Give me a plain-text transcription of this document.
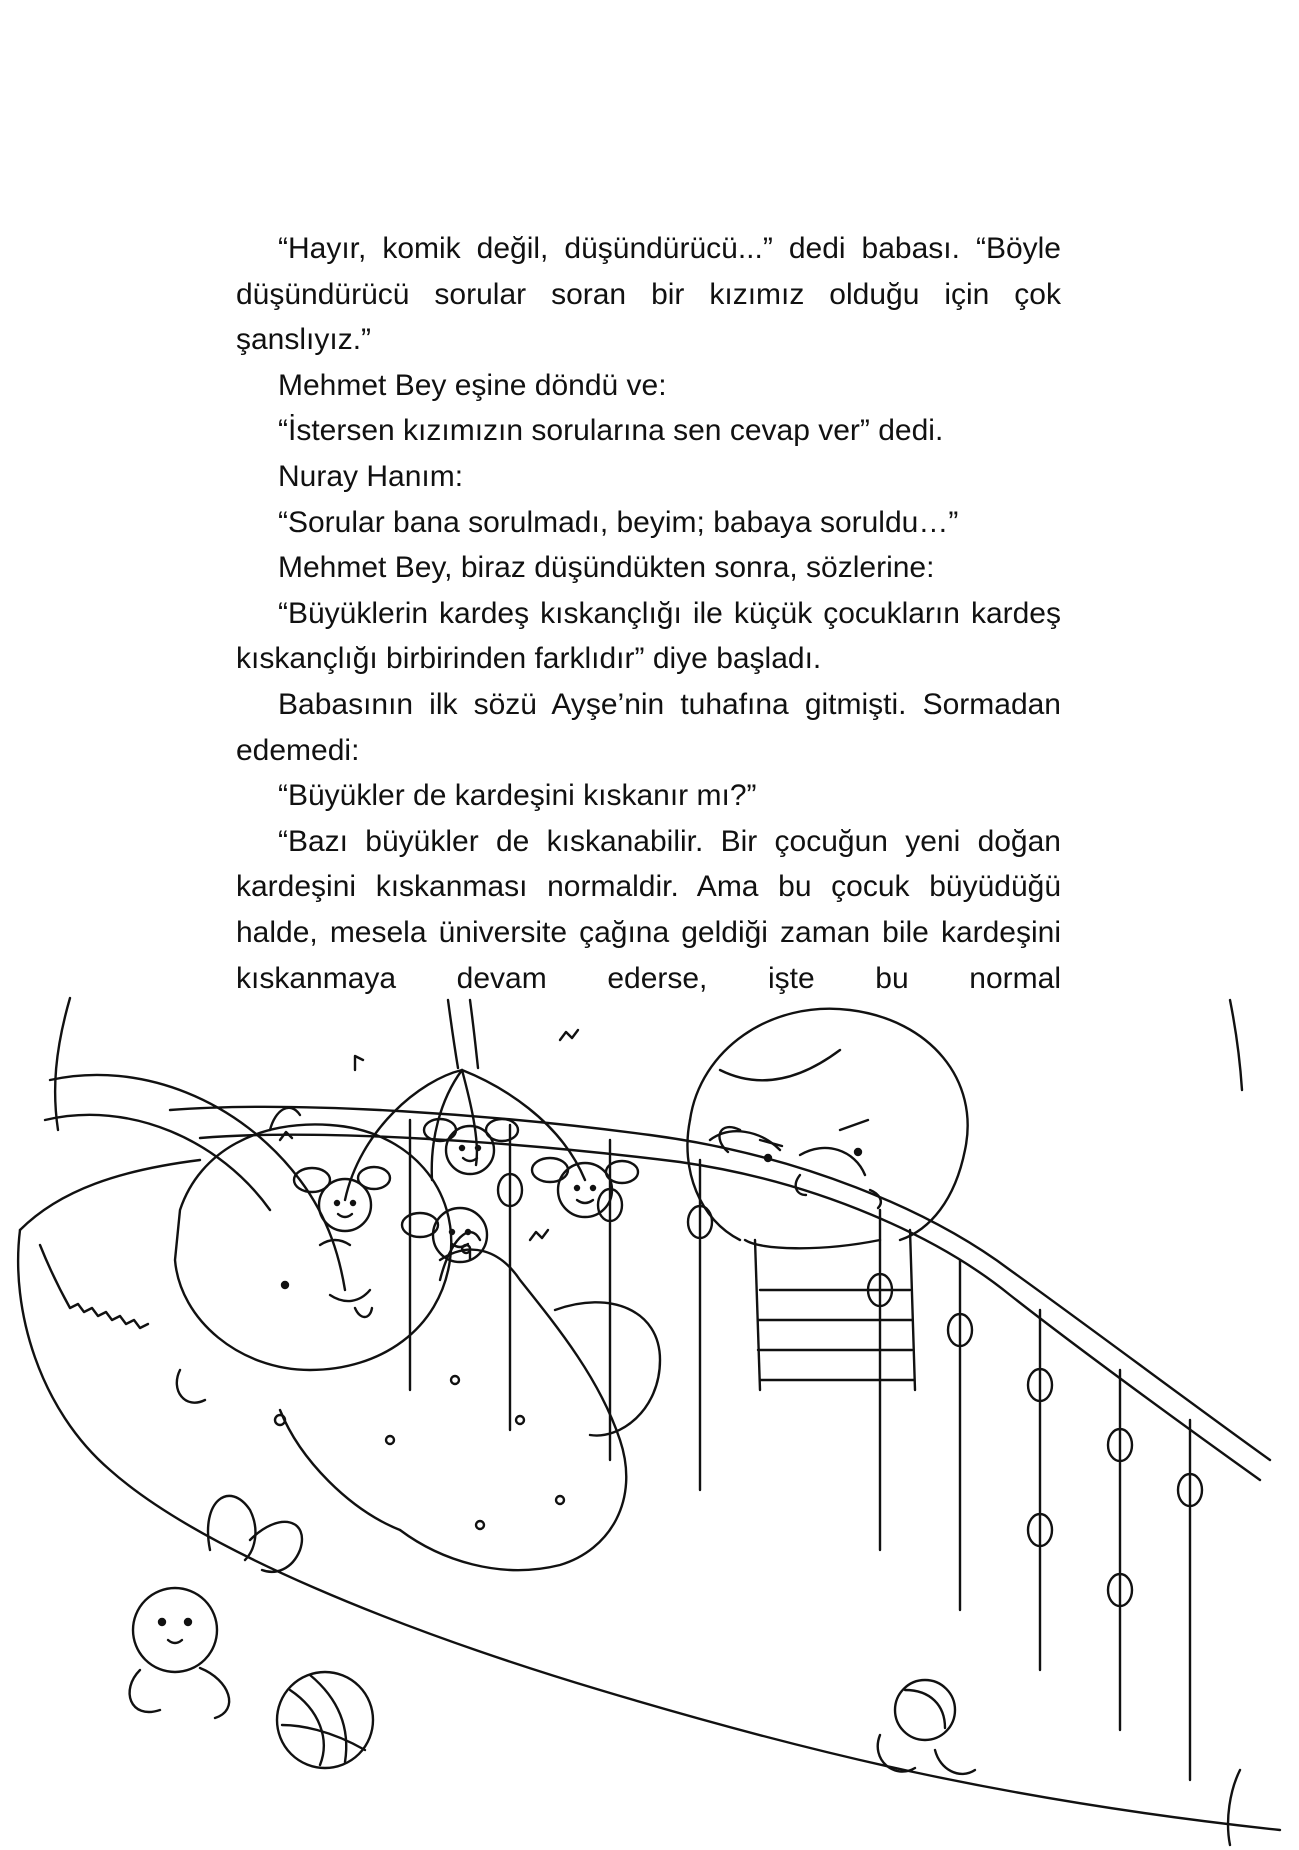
“Hayır, komik değil, düşündürücü...” dedi babası. “Böyle düşündürücü sorular soran bir kızımız olduğu için çok şanslıyız.”

Mehmet Bey eşine döndü ve:

“İstersen kızımızın sorularına sen cevap ver” dedi.

Nuray Hanım:

“Sorular bana sorulmadı, beyim; babaya soruldu…”

Mehmet Bey, biraz düşündükten sonra, sözlerine:

“Büyüklerin kardeş kıskançlığı ile küçük çocukların kardeş kıskançlığı birbirinden farklıdır” diye başladı.

Babasının ilk sözü Ayşe’nin tuhafına gitmişti. Sormadan edemedi:

“Büyükler de kardeşini kıskanır mı?”

“Bazı büyükler de kıskanabilir. Bir çocuğun yeni doğan kardeşini kıskanması normaldir. Ama bu çocuk büyüdüğü halde, mesela üniversite çağına geldiği zaman bile kardeşini kıskanmaya devam ederse, işte bu normal
